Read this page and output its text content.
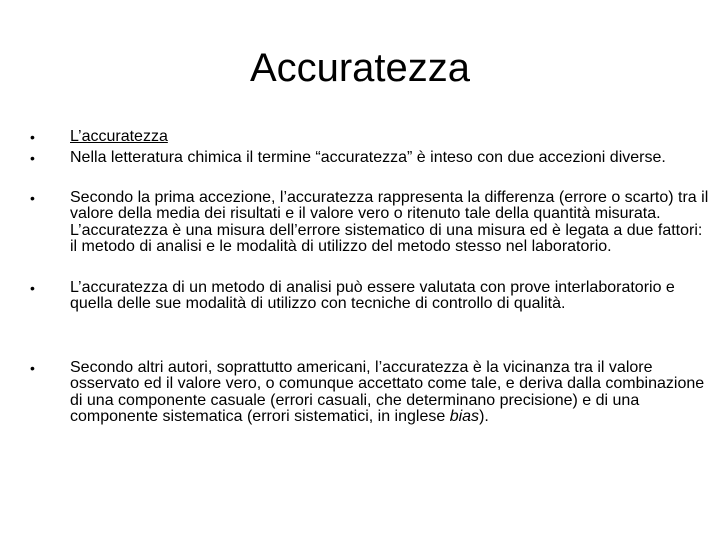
Accuratezza
• L’accuratezza
• Nella letteratura chimica il termine “accuratezza” è inteso con due accezioni diverse.
• Secondo la prima accezione, l’accuratezza rappresenta la differenza (errore o scarto) tra il valore della media dei risultati e il valore vero o ritenuto tale della quantità misurata. L’accuratezza è una misura dell’errore sistematico di una misura ed è legata a due fattori: il metodo di analisi e le modalità di utilizzo del metodo stesso nel laboratorio.
• L’accuratezza di un metodo di analisi può essere valutata con prove interlaboratorio e quella delle sue modalità di utilizzo con tecniche di controllo di qualità.
• Secondo altri autori, soprattutto americani, l’accuratezza è la vicinanza tra il valore osservato ed il valore vero, o comunque accettato come tale, e deriva dalla combinazione di una componente casuale (errori casuali, che determinano precisione) e di una componente sistematica (errori sistematici, in inglese bias).
